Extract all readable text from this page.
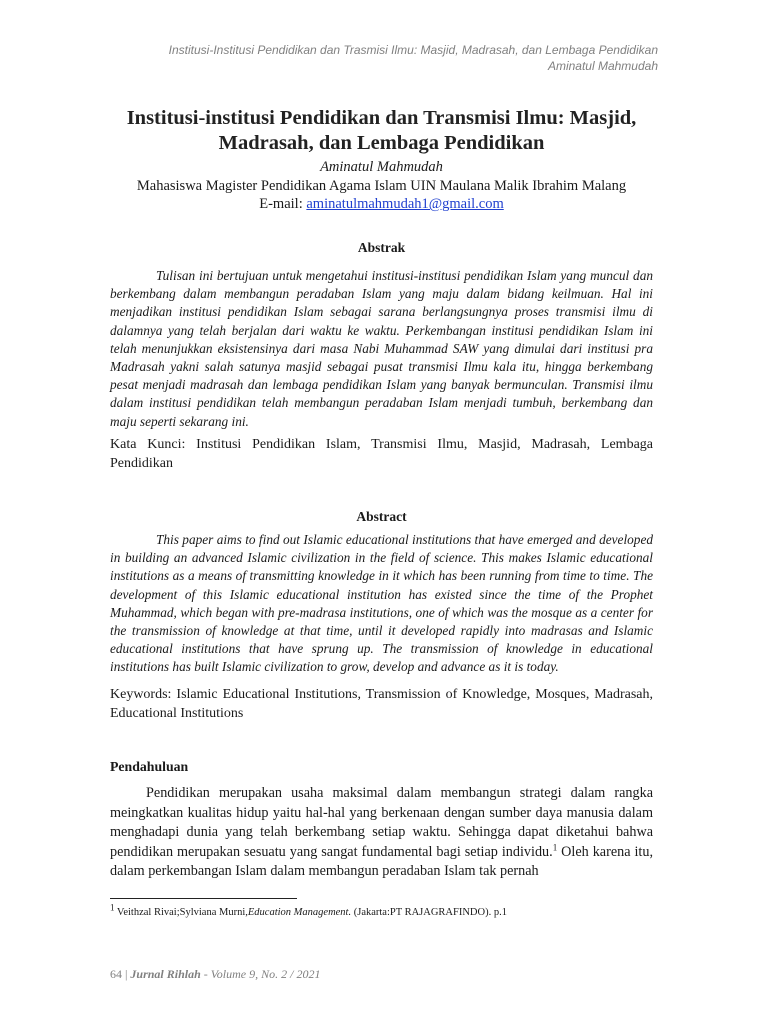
Institusi-Institusi Pendidikan dan Trasmisi Ilmu: Masjid, Madrasah, dan Lembaga Pendidikan
Aminatul Mahmudah
Institusi-institusi Pendidikan dan Transmisi Ilmu: Masjid, Madrasah, dan Lembaga Pendidikan
Aminatul Mahmudah
Mahasiswa Magister Pendidikan Agama Islam UIN Maulana Malik Ibrahim Malang
E-mail: aminatulmahmudah1@gmail.com
Abstrak
Tulisan ini bertujuan untuk mengetahui institusi-institusi pendidikan Islam yang muncul dan berkembang dalam membangun peradaban Islam yang maju dalam bidang keilmuan. Hal ini menjadikan institusi pendidikan Islam sebagai sarana berlangsungnya proses transmisi ilmu di dalamnya yang telah berjalan dari waktu ke waktu. Perkembangan institusi pendidikan Islam ini telah menunjukkan eksistensinya dari masa Nabi Muhammad SAW yang dimulai dari institusi pra Madrasah yakni salah satunya masjid sebagai pusat transmisi Ilmu kala itu, hingga berkembang pesat menjadi madrasah dan lembaga pendidikan Islam yang banyak bermunculan. Transmisi ilmu dalam institusi pendidikan telah membangun peradaban Islam menjadi tumbuh, berkembang dan maju seperti sekarang ini.
Kata Kunci: Institusi Pendidikan Islam, Transmisi Ilmu, Masjid, Madrasah, Lembaga Pendidikan
Abstract
This paper aims to find out Islamic educational institutions that have emerged and developed in building an advanced Islamic civilization in the field of science. This makes Islamic educational institutions as a means of transmitting knowledge in it which has been running from time to time. The development of this Islamic educational institution has existed since the time of the Prophet Muhammad, which began with pre-madrasa institutions, one of which was the mosque as a center for the transmission of knowledge at that time, until it developed rapidly into madrasas and Islamic educational institutions that have sprung up. The transmission of knowledge in educational institutions has built Islamic civilization to grow, develop and advance as it is today.
Keywords: Islamic Educational Institutions, Transmission of Knowledge, Mosques, Madrasah, Educational Institutions
Pendahuluan
Pendidikan merupakan usaha maksimal dalam membangun strategi dalam rangka meingkatkan kualitas hidup yaitu hal-hal yang berkenaan dengan sumber daya manusia dalam menghadapi dunia yang telah berkembang setiap waktu. Sehingga dapat diketahui bahwa pendidikan merupakan sesuatu yang sangat fundamental bagi setiap individu.$^1$ Oleh karena itu, dalam perkembangan Islam dalam membangun peradaban Islam tak pernah
$^1$ Veithzal Rivai;Sylviana Murni,Education Management. (Jakarta:PT RAJAGRAFINDO). p.1
64 | Jurnal Rihlah - Volume 9, No. 2 / 2021
